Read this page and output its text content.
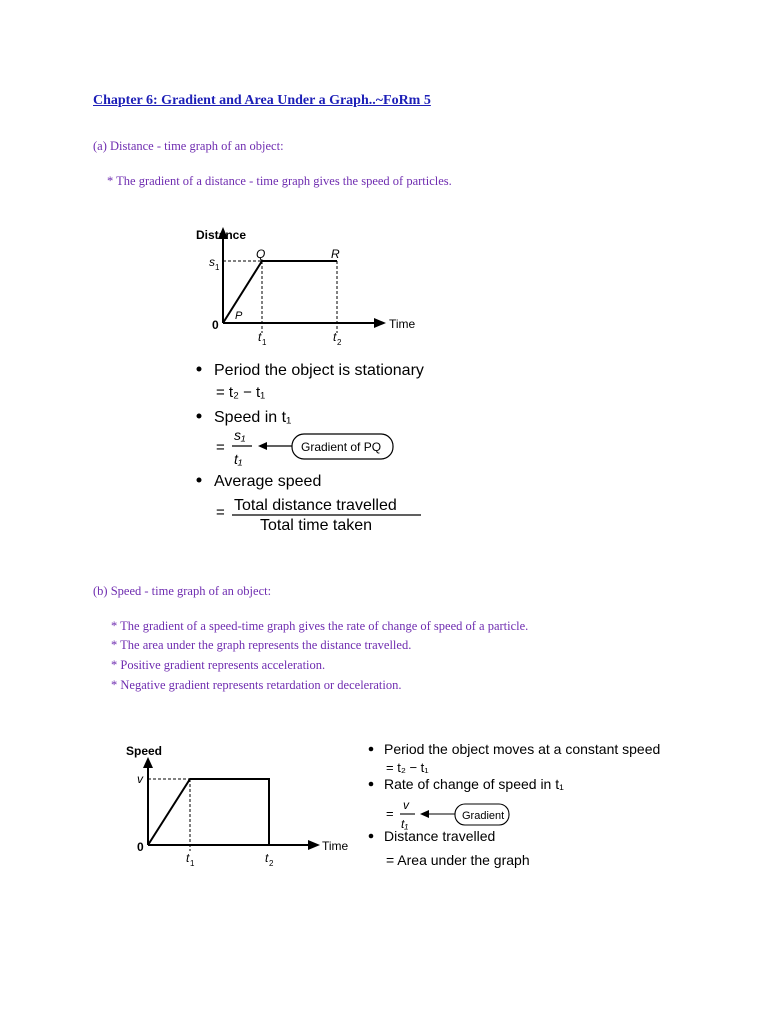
Chapter 6: Gradient and Area Under a Graph..~FoRm 5
(a) Distance - time graph of an object:
* The gradient of a distance - time graph gives the speed of particles.
Distance
Time
0
s 1
P
Q	R
t 1	t 2
Period the object is stationary
= t₂ − t₁
Speed in t₁
=
s₁
t₁
Gradient of PQ
Average speed
= Total distance travelled
Total time taken
(b) Speed - time graph of an object:
* The gradient of a speed-time graph gives the rate of change of speed of a particle.
* The area under the graph represents the distance travelled.
* Positive gradient represents acceleration.
* Negative gradient represents retardation or deceleration.
Speed
Time
0
v
t 1	t 2
Period the object moves at a constant speed
= t₂ − t₁
Rate of change of speed in t₁
=
v
t₁
Gradient
Distance travelled
= Area under the graph
